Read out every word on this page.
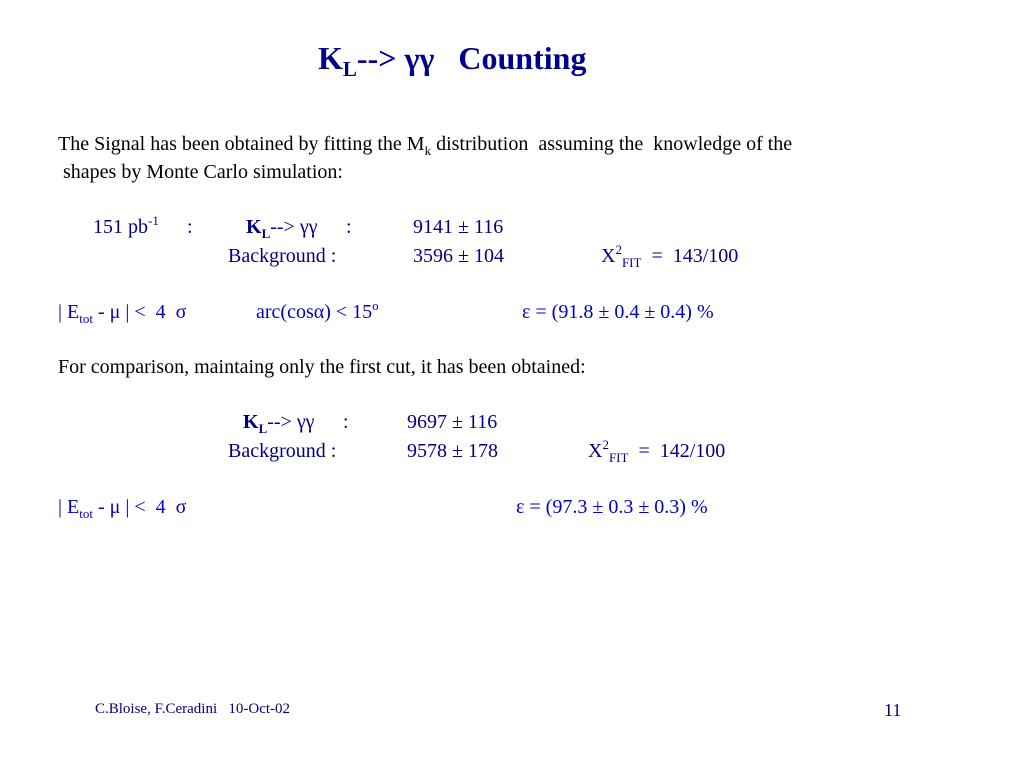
$K_L--> \gamma\gamma$ Counting
The Signal has been obtained by fitting the $M_k$ distribution  assuming the  knowledge of the
shapes by Monte Carlo simulation:
151 $pb^{-1}$ :	$K_L--> \gamma\gamma$ :	9141 ± 116
Background :	3596 ± 104	$X^2_{FIT} = 143/100$
| $E_{tot}$ - μ | <  4  σ	$arc(\cos\alpha) < 15^o$	ε = (91.8 ± 0.4 ± 0.4) %
For comparison, maintaing only the first cut, it has been obtained:
$K_L--> \gamma\gamma$ :	9697 ± 116
Background :	9578 ± 178	$X^2_{FIT} = 142/100$
| $E_{tot}$ - μ | <  4  σ	ε = (97.3 ± 0.3 ± 0.3) %
C.Bloise, F.Ceradini   10-Oct-02	11
